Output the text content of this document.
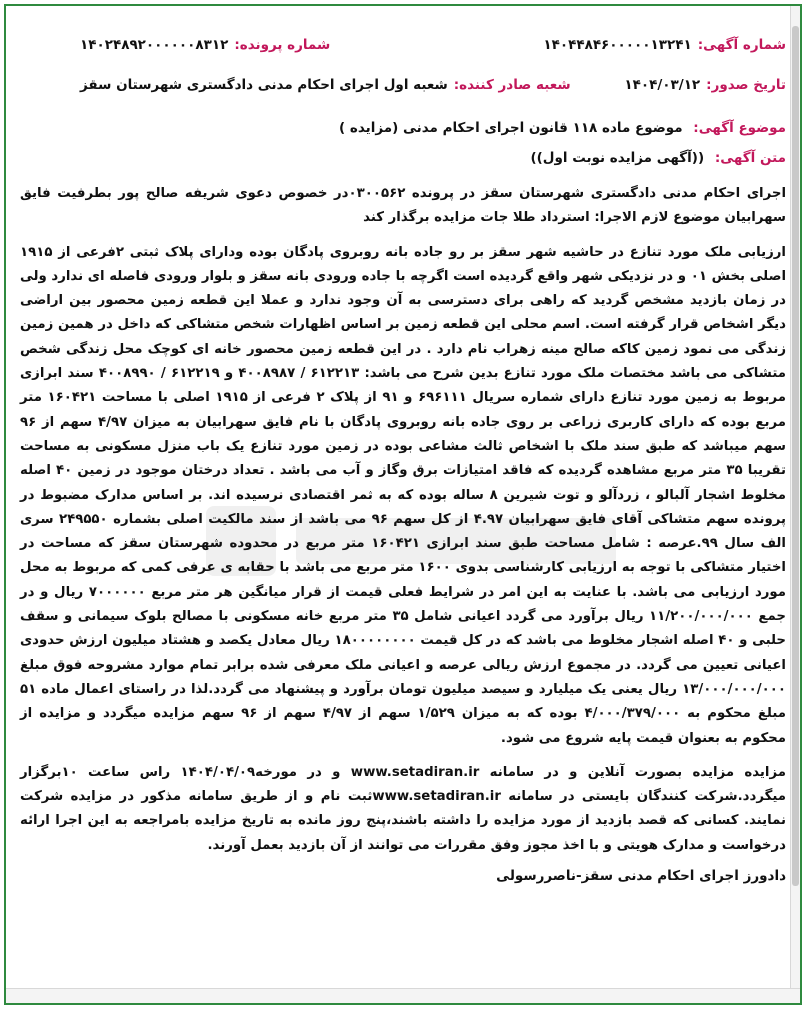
شماره آگهی:
۱۴۰۴۴۸۴۶۰۰۰۰۰۱۳۲۴۱
شماره پرونده:
۱۴۰۲۴۸۹۲۰۰۰۰۰۰۸۳۱۲
تاریخ صدور:
۱۴۰۴/۰۳/۱۲
شعبه صادر کننده:
شعبه اول اجرای احکام مدنی دادگستری شهرستان سقز
موضوع آگهی: موضوع ماده ۱۱۸ قانون اجرای احکام مدنی (مزایده )
متن آگهی: ((آگهی مزایده نوبت اول))

اجرای احکام مدنی دادگستری شهرستان سقز در پرونده ۰۳۰۰۵۶۲در خصوص دعوی شریفه صالح پور بطرفیت فایق سهرابیان موضوع لازم الاجرا: استرداد طلا جات مزایده برگذار کند

ارزیابی ملک مورد تنازع در حاشیه شهر سقز بر رو جاده بانه روبروی پادگان بوده ودارای پلاک ثبتی ۲فرعی از ۱۹۱۵ اصلی بخش ۰۱ و در نزدیکی شهر واقع گردیده است اگرچه با جاده ورودی بانه سقز و بلوار ورودی فاصله ای ندارد ولی در زمان بازدید مشخص گردید که راهی برای دسترسی به آن وجود ندارد و عملا این قطعه زمین محصور بین اراضی دیگر اشخاص قرار گرفته است. اسم محلی این قطعه زمین بر اساس اظهارات شخص متشاکی که داخل در همین زمین زندگی می نمود زمین کاکه صالح مینه زهراب نام دارد . در این قطعه زمین محصور خانه ای کوچک محل زندگی شخص متشاکی می باشد مختصات ملک مورد تنازع بدین شرح می باشد: ۶۱۲۲۱۳ / ۴۰۰۸۹۸۷ و ۶۱۲۲۱۹ / ۴۰۰۸۹۹۰ سند ابرازی مربوط به زمین مورد تنازع دارای شماره سریال ۶۹۶۱۱۱ و ۹۱ از پلاک ۲ فرعی از ۱۹۱۵ اصلی با مساحت ۱۶۰۴۲۱ متر مربع بوده که دارای کاربری زراعی بر روی جاده بانه روبروی پادگان با نام فایق سهرابیان به میزان ۴/۹۷ سهم از ۹۶ سهم میباشد که طبق سند ملک با اشخاص ثالث مشاعی بوده در زمین مورد تنازع یک باب منزل مسکونی به مساحت تقریبا ۳۵ متر مربع مشاهده گردیده که فاقد امتیازات برق وگاز و آب می باشد . تعداد درختان موجود در زمین ۴۰ اصله مخلوط اشجار آلبالو ، زردآلو و توت شیرین ۸ ساله بوده که به ثمر اقتصادی نرسیده اند. بر اساس مدارک مضبوط در پرونده سهم متشاکی آقای فایق سهرابیان ۴.۹۷ از کل سهم ۹۶ می باشد از سند مالکیت اصلی بشماره ۲۴۹۵۵۰ سری الف سال ۹۹.عرصه : شامل مساحت طبق سند ابرازی ۱۶۰۴۲۱ متر مربع در محدوده شهرستان سقز که مساحت در اختیار متشاکی با توجه به ارزیابی کارشناسی بدوی ۱۶۰۰ متر مربع می باشد با حقابه ی عرفی کمی که مربوط به محل مورد ارزیابی می باشد. با عنایت به این امر در شرایط فعلی قیمت از قرار میانگین هر متر مربع ۷۰۰۰۰۰۰ ریال و در جمع ۱۱/۲۰۰/۰۰۰/۰۰۰ ریال برآورد می گردد اعیانی شامل ۳۵ متر مربع خانه مسکونی با مصالح بلوک سیمانی و سقف حلبی و ۴۰ اصله اشجار مخلوط می باشد که در کل قیمت ۱۸۰۰۰۰۰۰۰۰ ریال معادل یکصد و هشتاد میلیون ارزش حدودی اعیانی تعیین می گردد. در مجموع ارزش ریالی عرصه و اعیانی ملک معرفی شده برابر تمام موارد مشروحه فوق مبلغ ۱۳/۰۰۰/۰۰۰/۰۰۰ ریال یعنی یک میلیارد و سیصد میلیون تومان برآورد و پیشنهاد می گردد.لذا در راستای اعمال ماده ۵۱ مبلغ محکوم به ۴/۰۰۰/۳۷۹/۰۰۰ بوده که به میزان ۱/۵۲۹ سهم از ۴/۹۷ سهم از ۹۶ سهم مزایده میگردد و مزایده از محکوم به بعنوان قیمت پایه شروع می شود.

مزایده مزایده بصورت آنلاین و در سامانه www.setadiran.ir و در مورخه۱۴۰۴/۰۴/۰۹ راس ساعت ۱۰برگزار میگردد.شرکت کنندگان بایستی در سامانه www.setadiran.irثبت نام و از طریق سامانه مذکور در مزایده شرکت نمایند. کسانی که قصد بازدید از مورد مزایده را داشته باشند،پنج روز مانده به تاریخ مزایده بامراجعه به این اجرا ارائه درخواست و مدارک هویتی و با اخذ مجوز وفق مقررات می توانند از آن بازدید بعمل آورند.

دادورز اجرای احکام مدنی سقز-ناصررسولی
